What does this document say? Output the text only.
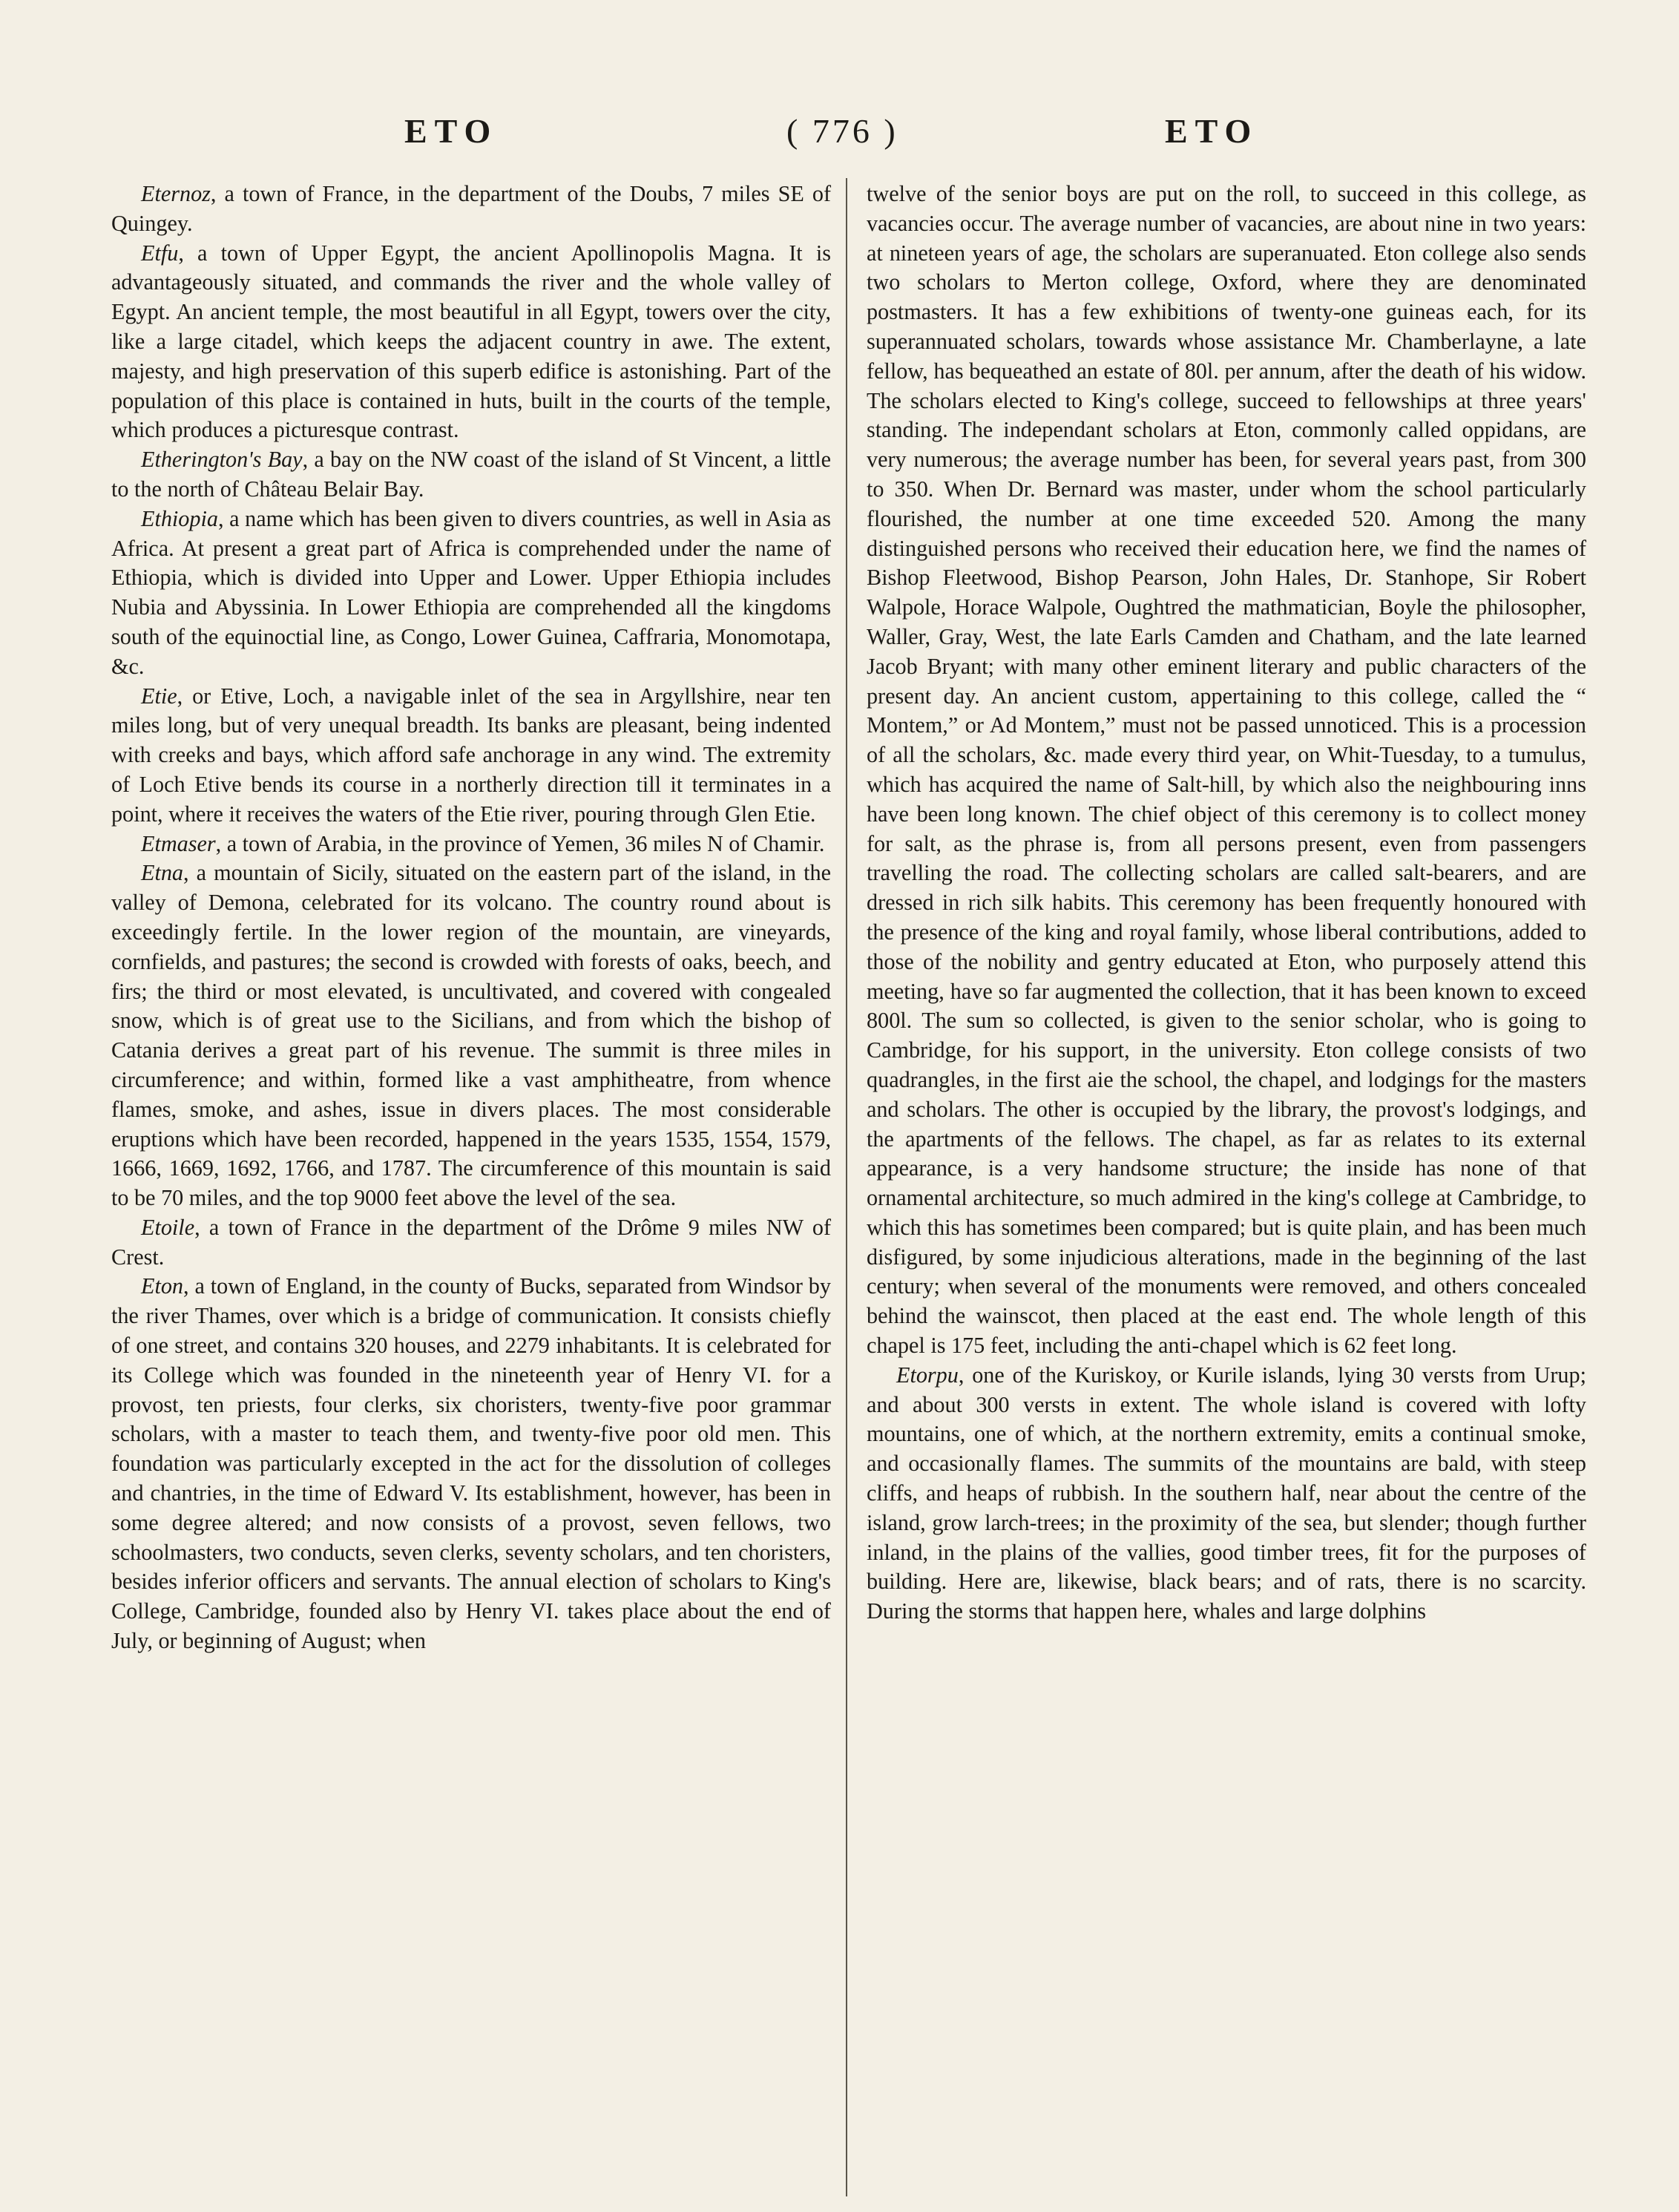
ETO	( 776 )	ETO

Eternoz, a town of France, in the department of the Doubs, 7 miles SE of Quingey.

Etfu, a town of Upper Egypt, the ancient Apollinopolis Magna. It is advantageously situated, and commands the river and the whole valley of Egypt. An ancient temple, the most beautiful in all Egypt, towers over the city, like a large citadel, which keeps the adjacent country in awe. The extent, majesty, and high preservation of this superb edifice is astonishing. Part of the population of this place is contained in huts, built in the courts of the temple, which produces a picturesque contrast.

Etherington's Bay, a bay on the NW coast of the island of St Vincent, a little to the north of Château Belair Bay.

Ethiopia, a name which has been given to divers countries, as well in Asia as Africa. At present a great part of Africa is comprehended under the name of Ethiopia, which is divided into Upper and Lower. Upper Ethiopia includes Nubia and Abyssinia. In Lower Ethiopia are comprehended all the kingdoms south of the equinoctial line, as Congo, Lower Guinea, Caffraria, Monomotapa, &c.

Etie, or Etive, Loch, a navigable inlet of the sea in Argyllshire, near ten miles long, but of very unequal breadth. Its banks are pleasant, being indented with creeks and bays, which afford safe anchorage in any wind. The extremity of Loch Etive bends its course in a northerly direction till it terminates in a point, where it receives the waters of the Etie river, pouring through Glen Etie.

Etmaser, a town of Arabia, in the province of Yemen, 36 miles N of Chamir.

Etna, a mountain of Sicily, situated on the eastern part of the island, in the valley of Demona, celebrated for its volcano. The country round about is exceedingly fertile. In the lower region of the mountain, are vineyards, cornfields, and pastures; the second is crowded with forests of oaks, beech, and firs; the third or most elevated, is uncultivated, and covered with congealed snow, which is of great use to the Sicilians, and from which the bishop of Catania derives a great part of his revenue. The summit is three miles in circumference; and within, formed like a vast amphitheatre, from whence flames, smoke, and ashes, issue in divers places. The most considerable eruptions which have been recorded, happened in the years 1535, 1554, 1579, 1666, 1669, 1692, 1766, and 1787. The circumference of this mountain is said to be 70 miles, and the top 9000 feet above the level of the sea.

Etoile, a town of France in the department of the Drôme 9 miles NW of Crest.

Eton, a town of England, in the county of Bucks, separated from Windsor by the river Thames, over which is a bridge of communication. It consists chiefly of one street, and contains 320 houses, and 2279 inhabitants. It is celebrated for its College which was founded in the nineteenth year of Henry VI. for a provost, ten priests, four clerks, six choristers, twenty-five poor grammar scholars, with a master to teach them, and twenty-five poor old men. This foundation was particularly excepted in the act for the dissolution of colleges and chantries, in the time of Edward V. Its establishment, however, has been in some degree altered; and now consists of a provost, seven fellows, two schoolmasters, two conducts, seven clerks, seventy scholars, and ten choristers, besides inferior officers and servants. The annual election of scholars to King's College, Cambridge, founded also by Henry VI. takes place about the end of July, or beginning of August; when

twelve of the senior boys are put on the roll, to succeed in this college, as vacancies occur. The average number of vacancies, are about nine in two years: at nineteen years of age, the scholars are superanuated. Eton college also sends two scholars to Merton college, Oxford, where they are denominated postmasters. It has a few exhibitions of twenty-one guineas each, for its superannuated scholars, towards whose assistance Mr. Chamberlayne, a late fellow, has bequeathed an estate of 80l. per annum, after the death of his widow. The scholars elected to King's college, succeed to fellowships at three years' standing. The independant scholars at Eton, commonly called oppidans, are very numerous; the average number has been, for several years past, from 300 to 350. When Dr. Bernard was master, under whom the school particularly flourished, the number at one time exceeded 520. Among the many distinguished persons who received their education here, we find the names of Bishop Fleetwood, Bishop Pearson, John Hales, Dr. Stanhope, Sir Robert Walpole, Horace Walpole, Oughtred the mathmatician, Boyle the philosopher, Waller, Gray, West, the late Earls Camden and Chatham, and the late learned Jacob Bryant; with many other eminent literary and public characters of the present day. An ancient custom, appertaining to this college, called the “ Montem,” or Ad Montem,” must not be passed unnoticed. This is a procession of all the scholars, &c. made every third year, on Whit-Tuesday, to a tumulus, which has acquired the name of Salt-hill, by which also the neighbouring inns have been long known. The chief object of this ceremony is to collect money for salt, as the phrase is, from all persons present, even from passengers travelling the road. The collecting scholars are called salt-bearers, and are dressed in rich silk habits. This ceremony has been frequently honoured with the presence of the king and royal family, whose liberal contributions, added to those of the nobility and gentry educated at Eton, who purposely attend this meeting, have so far augmented the collection, that it has been known to exceed 800l. The sum so collected, is given to the senior scholar, who is going to Cambridge, for his support, in the university. Eton college consists of two quadrangles, in the first aie the school, the chapel, and lodgings for the masters and scholars. The other is occupied by the library, the provost's lodgings, and the apartments of the fellows. The chapel, as far as relates to its external appearance, is a very handsome structure; the inside has none of that ornamental architecture, so much admired in the king's college at Cambridge, to which this has sometimes been compared; but is quite plain, and has been much disfigured, by some injudicious alterations, made in the beginning of the last century; when several of the monuments were removed, and others concealed behind the wainscot, then placed at the east end. The whole length of this chapel is 175 feet, including the anti-chapel which is 62 feet long.

Etorpu, one of the Kuriskoy, or Kurile islands, lying 30 versts from Urup; and about 300 versts in extent. The whole island is covered with lofty mountains, one of which, at the northern extremity, emits a continual smoke, and occasionally flames. The summits of the mountains are bald, with steep cliffs, and heaps of rubbish. In the southern half, near about the centre of the island, grow larch-trees; in the proximity of the sea, but slender; though further inland, in the plains of the vallies, good timber trees, fit for the purposes of building. Here are, likewise, black bears; and of rats, there is no scarcity. During the storms that happen here, whales and large dolphins
